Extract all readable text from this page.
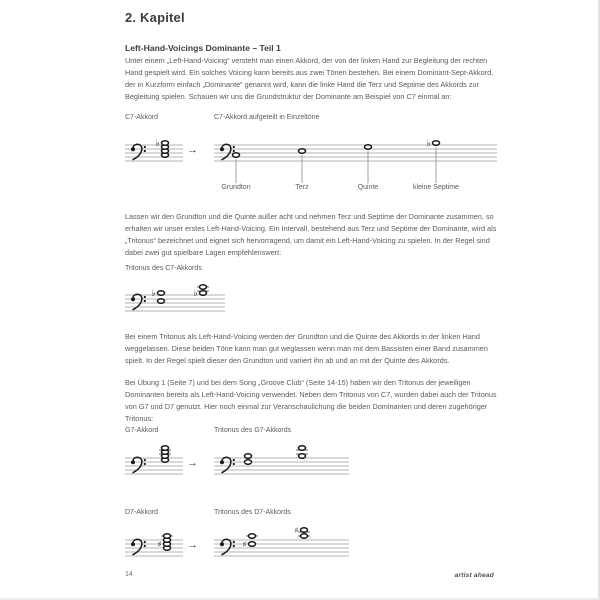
2. Kapitel
Left-Hand-Voicings Dominante – Teil 1
Unter einem „Left-Hand-Voicing“ versteht man einen Akkord, der von der linken Hand zur Begleitung der rechten Hand gespielt wird. Ein solches Voicing kann bereits aus zwei Tönen bestehen. Bei einem Dominant-Sept-Akkord, der in Kurzform einfach „Dominante“ genannt wird, kann die linke Hand die Terz und Septime des Akkords zur Begleitung spielen. Schauen wir uns die Grundstruktur der Dominante am Beispiel von C7 einmal an:
C7-Akkord	C7-Akkord aufgeteilt in Einzeltöne
♭
→
♭
Grundton	Terz	Quinte	kleine Septime
Lassen wir den Grundton und die Quinte außer acht und nehmen Terz und Septime der Dominante zusammen, so erhalten wir unser erstes Left-Hand-Voicing. Ein Intervall, bestehend aus Terz und Septime der Dominante, wird als „Tritonus“ bezeichnet und eignet sich hervorragend, um damit ein Left-Hand-Voicing zu spielen. In der Regel sind dabei zwei gut spielbare Lagen empfehlenswert:
Tritonus des C7-Akkords
♭	♭
Bei einem Tritonus als Left-Hand-Voicing werden der Grundton und die Quinte des Akkords in der linken Hand weggelassen. Diese beiden Töne kann man gut weglassen wenn man mit dem Bassisten einer Band zusammen spielt. In der Regel spielt dieser den Grundton und variiert ihn ab und an mit der Quinte des Akkords.
Bei Übung 1 (Seite 7) und bei dem Song „Groove Club“ (Seite 14-15) haben wir den Tritonus der jeweiligen Dominanten bereits als Left-Hand-Voicing verwendet. Neben dem Tritonus von C7, wurden dabei auch der Tritonus von G7 und D7 genutzt. Hier noch einmal zur Veranschaulichung die beiden Dominanten und deren zugehöriger Tritonus:
G7-Akkord	Tritonus des G7-Akkords
→
D7-Akkord	Tritonus des D7-Akkords
♯ →	♯
♯
14	artist ahead
